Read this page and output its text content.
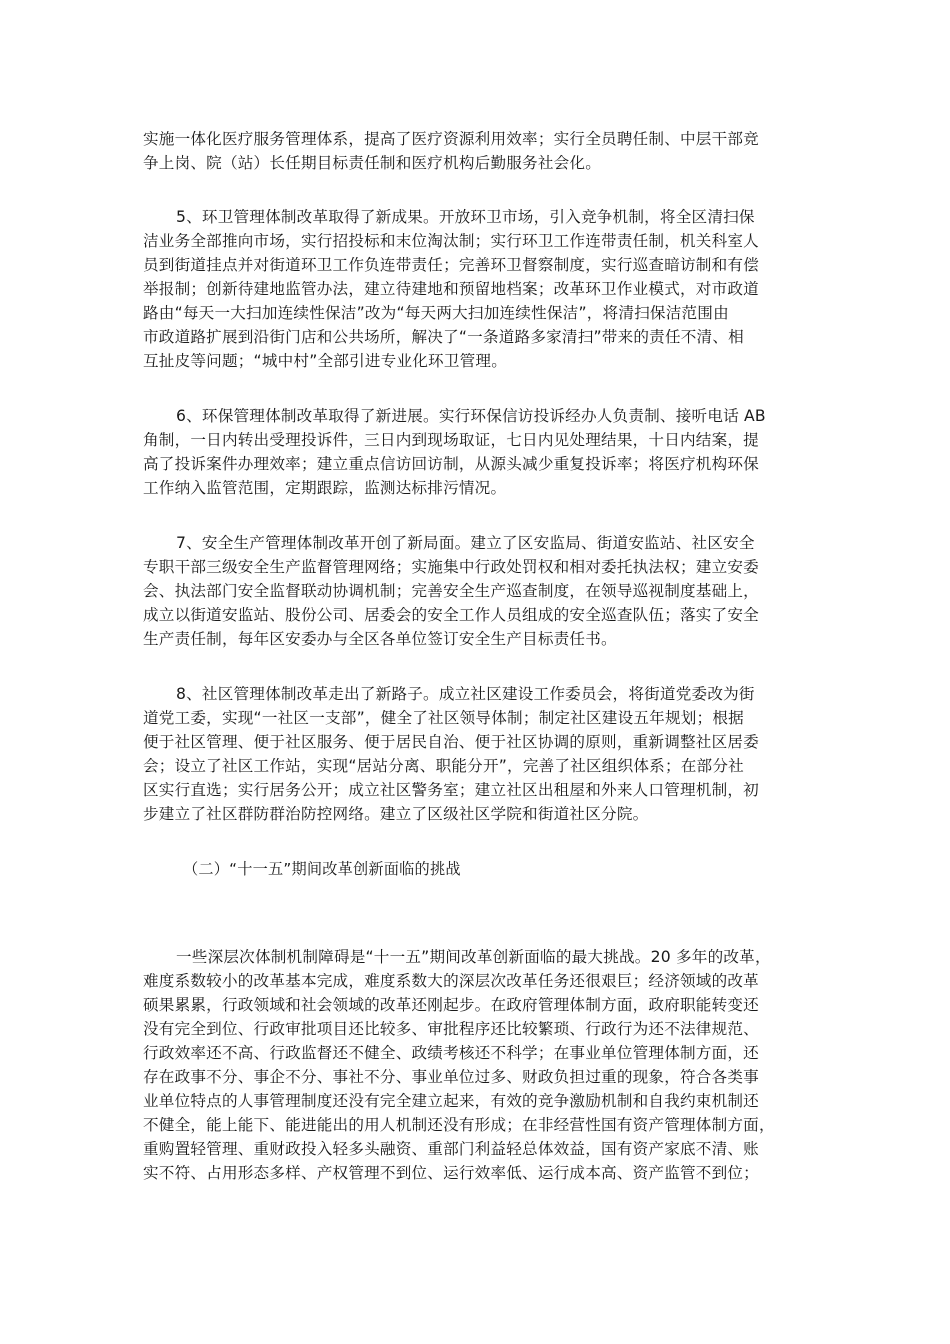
实施一体化医疗服务管理体系，提高了医疗资源利用效率；实行全员聘任制、中层干部竞
争上岗、院（站）长任期目标责任制和医疗机构后勤服务社会化。
5、环卫管理体制改革取得了新成果。开放环卫市场，引入竞争机制，将全区清扫保
洁业务全部推向市场，实行招投标和末位淘汰制；实行环卫工作连带责任制，机关科室人
员到街道挂点并对街道环卫工作负连带责任；完善环卫督察制度，实行巡查暗访制和有偿
举报制；创新待建地监管办法，建立待建地和预留地档案；改革环卫作业模式，对市政道
路由“每天一大扫加连续性保洁”改为“每天两大扫加连续性保洁”，将清扫保洁范围由
市政道路扩展到沿街门店和公共场所，解决了“一条道路多家清扫”带来的责任不清、相
互扯皮等问题；“城中村”全部引进专业化环卫管理。
6、环保管理体制改革取得了新进展。实行环保信访投诉经办人负责制、接听电话 AB
角制，一日内转出受理投诉件，三日内到现场取证，七日内见处理结果，十日内结案，提
高了投诉案件办理效率；建立重点信访回访制，从源头减少重复投诉率；将医疗机构环保
工作纳入监管范围，定期跟踪，监测达标排污情况。
7、安全生产管理体制改革开创了新局面。建立了区安监局、街道安监站、社区安全
专职干部三级安全生产监督管理网络；实施集中行政处罚权和相对委托执法权；建立安委
会、执法部门安全监督联动协调机制；完善安全生产巡查制度，在领导巡视制度基础上，
成立以街道安监站、股份公司、居委会的安全工作人员组成的安全巡查队伍；落实了安全
生产责任制，每年区安委办与全区各单位签订安全生产目标责任书。
8、社区管理体制改革走出了新路子。成立社区建设工作委员会，将街道党委改为街
道党工委，实现“一社区一支部”，健全了社区领导体制；制定社区建设五年规划；根据
便于社区管理、便于社区服务、便于居民自治、便于社区协调的原则，重新调整社区居委
会；设立了社区工作站，实现“居站分离、职能分开”，完善了社区组织体系；在部分社
区实行直选；实行居务公开；成立社区警务室；建立社区出租屋和外来人口管理机制，初
步建立了社区群防群治防控网络。建立了区级社区学院和街道社区分院。
（二）“十一五”期间改革创新面临的挑战
一些深层次体制机制障碍是“十一五”期间改革创新面临的最大挑战。20 多年的改革，
难度系数较小的改革基本完成，难度系数大的深层次改革任务还很艰巨；经济领域的改革
硕果累累，行政领域和社会领域的改革还刚起步。在政府管理体制方面，政府职能转变还
没有完全到位、行政审批项目还比较多、审批程序还比较繁琐、行政行为还不法律规范、
行政效率还不高、行政监督还不健全、政绩考核还不科学；在事业单位管理体制方面，还
存在政事不分、事企不分、事社不分、事业单位过多、财政负担过重的现象，符合各类事
业单位特点的人事管理制度还没有完全建立起来，有效的竞争激励机制和自我约束机制还
不健全，能上能下、能进能出的用人机制还没有形成；在非经营性国有资产管理体制方面，
重购置轻管理、重财政投入轻多头融资、重部门利益轻总体效益，国有资产家底不清、账
实不符、占用形态多样、产权管理不到位、运行效率低、运行成本高、资产监管不到位；
